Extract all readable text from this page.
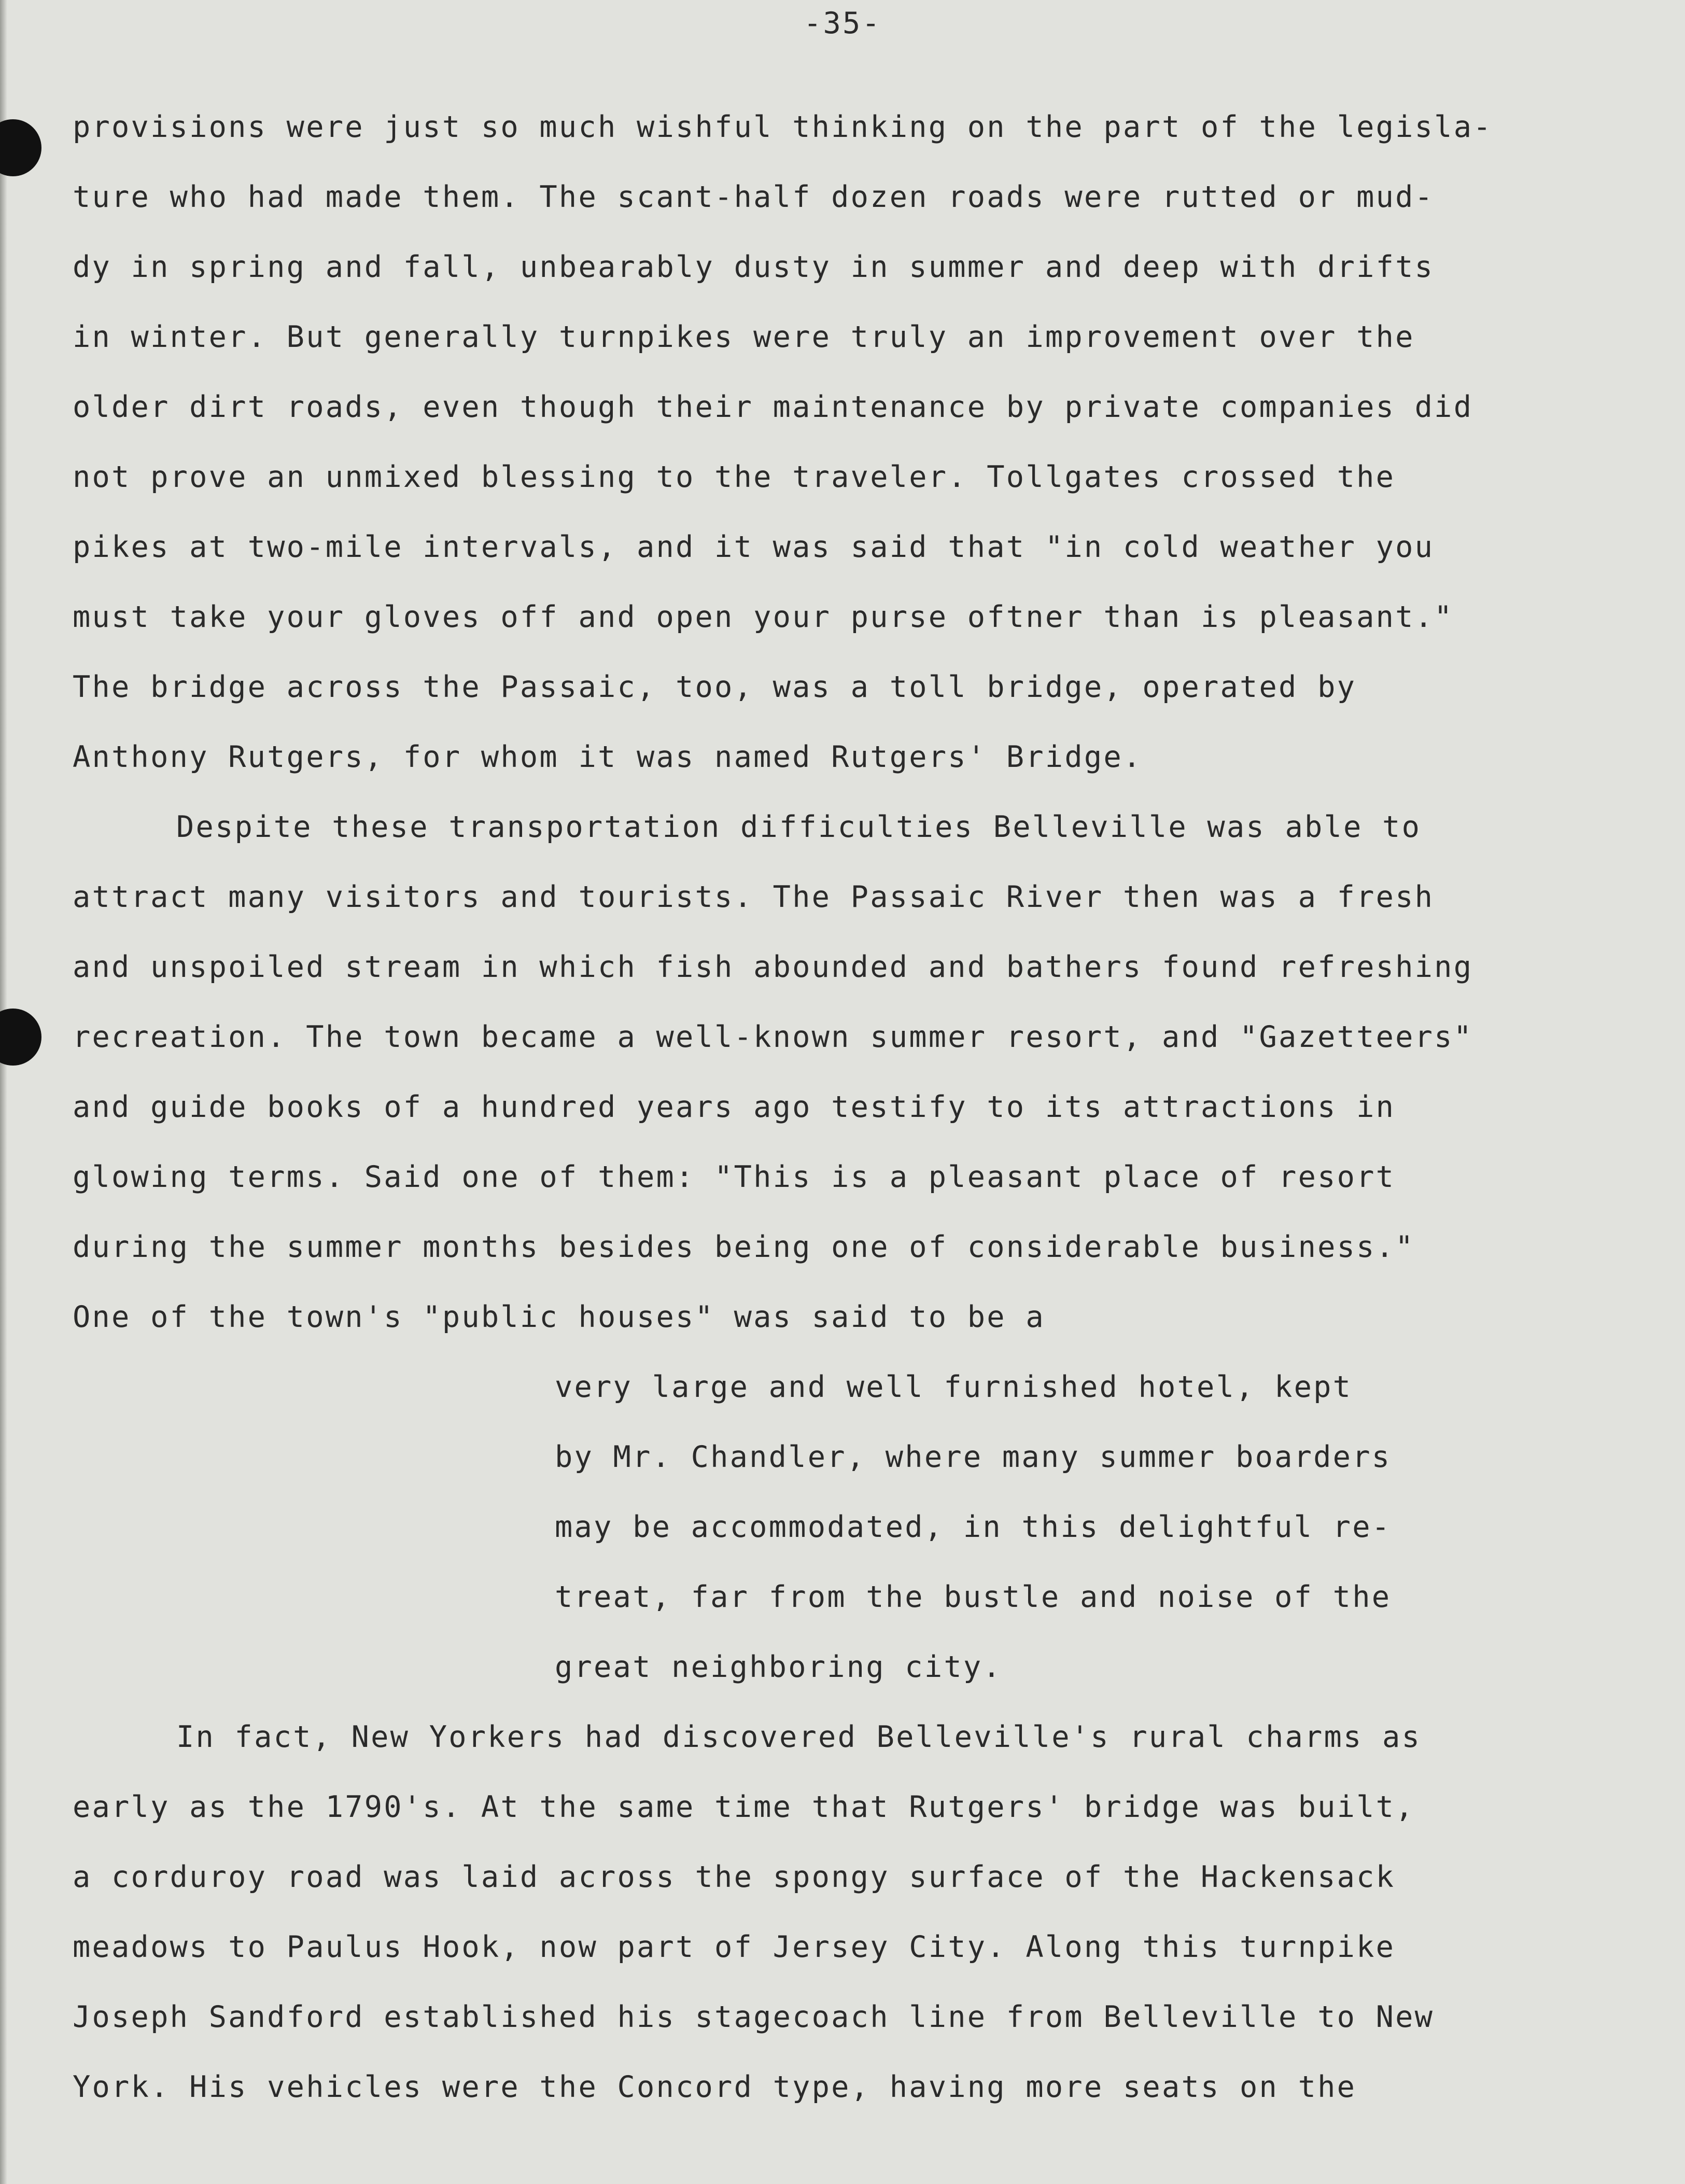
-35-
provisions were just so much wishful thinking on the part of the legisla-
ture who had made them. The scant-half dozen roads were rutted or mud-
dy in spring and fall, unbearably dusty in summer and deep with drifts
in winter. But generally turnpikes were truly an improvement over the
older dirt roads, even though their maintenance by private companies did
not prove an unmixed blessing to the traveler. Tollgates crossed the
pikes at two-mile intervals, and it was said that "in cold weather you
must take your gloves off and open your purse oftner than is pleasant."
The bridge across the Passaic, too, was a toll bridge, operated by
Anthony Rutgers, for whom it was named Rutgers' Bridge.
Despite these transportation difficulties Belleville was able to
attract many visitors and tourists. The Passaic River then was a fresh
and unspoiled stream in which fish abounded and bathers found refreshing
recreation. The town became a well-known summer resort, and "Gazetteers"
and guide books of a hundred years ago testify to its attractions in
glowing terms. Said one of them: "This is a pleasant place of resort
during the summer months besides being one of considerable business."
One of the town's "public houses" was said to be a
very large and well furnished hotel, kept
by Mr. Chandler, where many summer boarders
may be accommodated, in this delightful re-
treat, far from the bustle and noise of the
great neighboring city.
In fact, New Yorkers had discovered Belleville's rural charms as
early as the 1790's. At the same time that Rutgers' bridge was built,
a corduroy road was laid across the spongy surface of the Hackensack
meadows to Paulus Hook, now part of Jersey City. Along this turnpike
Joseph Sandford established his stagecoach line from Belleville to New
York. His vehicles were the Concord type, having more seats on the
